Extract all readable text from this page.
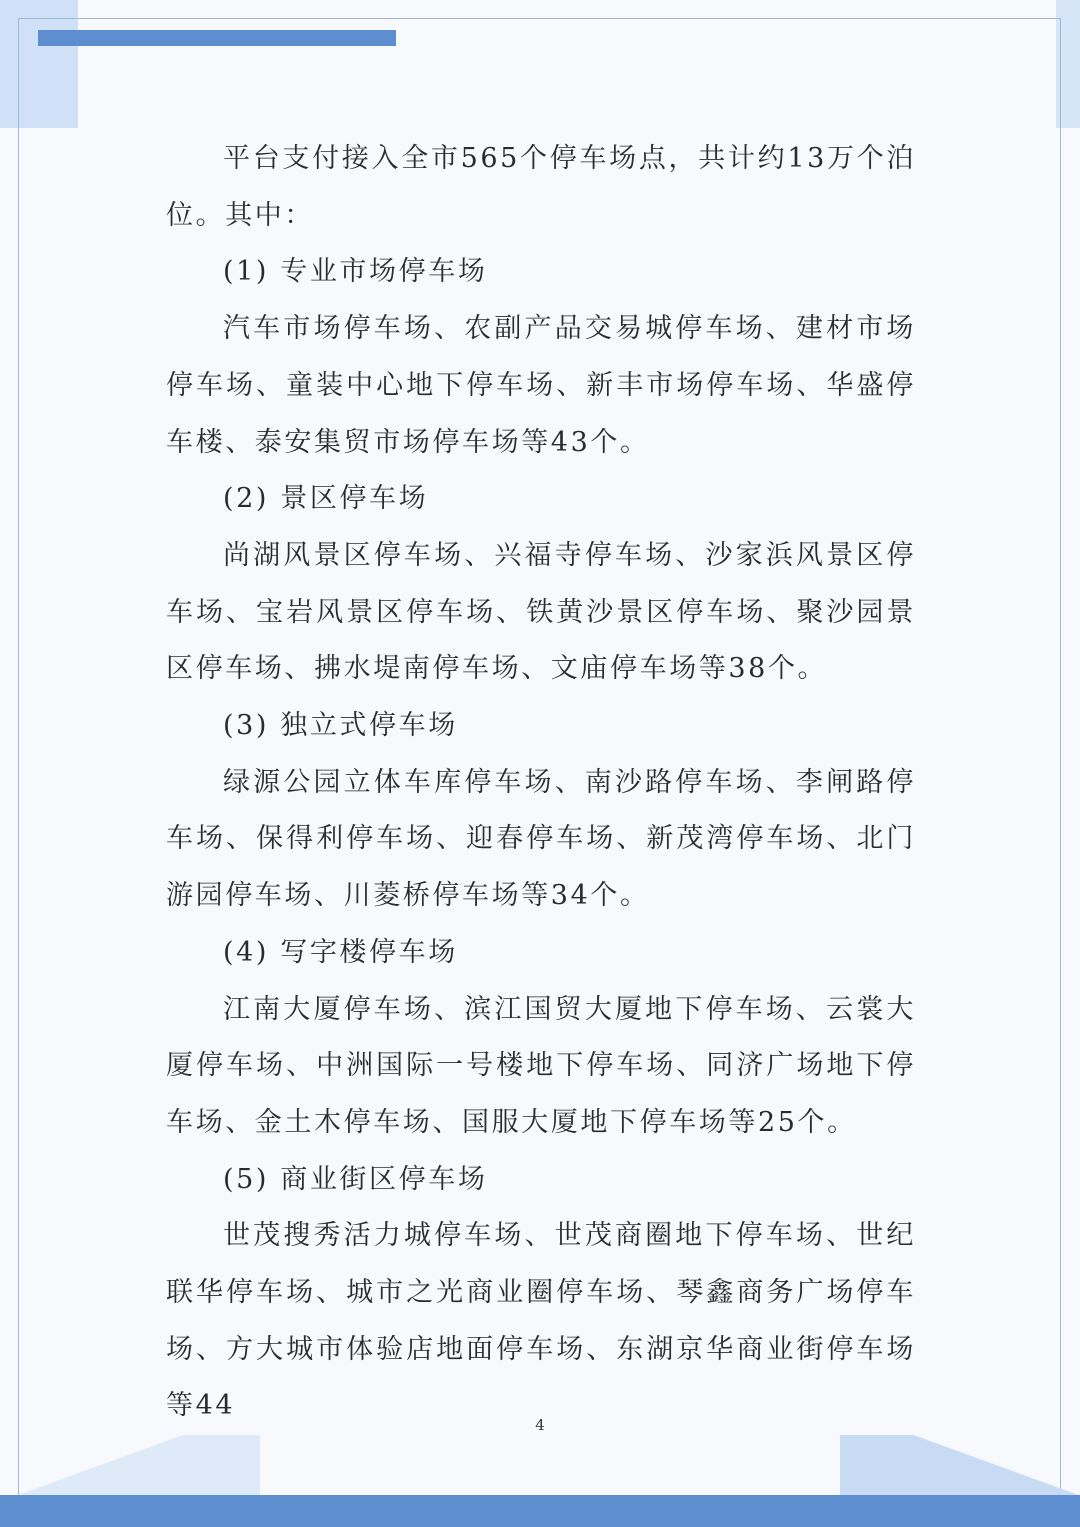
平台支付接入全市565个停车场点，共计约13万个泊位。其中：

(1) 专业市场停车场

汽车市场停车场、农副产品交易城停车场、建材市场停车场、童装中心地下停车场、新丰市场停车场、华盛停车楼、泰安集贸市场停车场等43个。

(2) 景区停车场

尚湖风景区停车场、兴福寺停车场、沙家浜风景区停车场、宝岩风景区停车场、铁黄沙景区停车场、聚沙园景区停车场、拂水堤南停车场、文庙停车场等38个。

(3) 独立式停车场

绿源公园立体车库停车场、南沙路停车场、李闸路停车场、保得利停车场、迎春停车场、新茂湾停车场、北门游园停车场、川菱桥停车场等34个。

(4) 写字楼停车场

江南大厦停车场、滨江国贸大厦地下停车场、云裳大厦停车场、中洲国际一号楼地下停车场、同济广场地下停车场、金土木停车场、国服大厦地下停车场等25个。

(5) 商业街区停车场

世茂搜秀活力城停车场、世茂商圈地下停车场、世纪联华停车场、城市之光商业圈停车场、琴鑫商务广场停车场、方大城市体验店地面停车场、东湖京华商业街停车场等44

4
